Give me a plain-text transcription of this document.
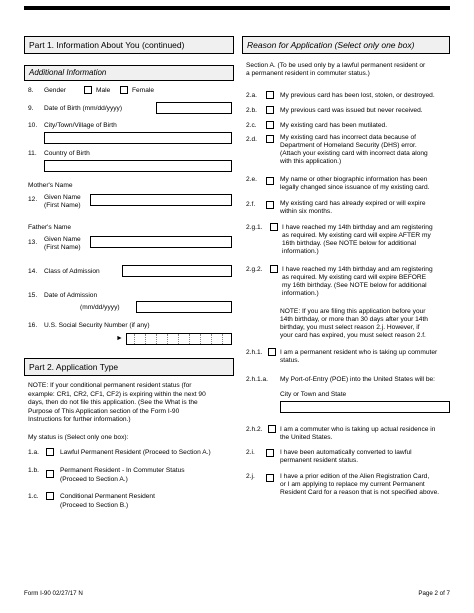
Part 1. Information About You (continued)
Additional Information
8. Gender	Male	Female
9. Date of Birth (mm/dd/yyyy)
10. City/Town/Village of Birth
11. Country of Birth
Mother's Name
12. Given Name
(First Name)
Father's Name
13. Given Name
(First Name)
14. Class of Admission
15. Date of Admission
(mm/dd/yyyy)
16. U.S. Social Security Number (if any)
►
Part 2. Application Type
NOTE: If your conditional permanent resident status (for
example: CR1, CR2, CF1, CF2) is expiring within the next 90
days, then do not file this application. (See the What is the
Purpose of This Application section of the Form I-90
Instructions for further information.)
My status is (Select only one box):
1.a.	Lawful Permanent Resident (Proceed to Section A.)
1.b.	Permanent Resident - In Commuter Status
(Proceed to Section A.)
1.c.	Conditional Permanent Resident
(Proceed to Section B.)
Reason for Application (Select only one box)
Section A. (To be used only by a lawful permanent resident or
a permanent resident in commuter status.)
2.a.	My previous card has been lost, stolen, or destroyed.
2.b.	My previous card was issued but never received.
2.c.	My existing card has been mutilated.
2.d.	My existing card has incorrect data because of
Department of Homeland Security (DHS) error.
(Attach your existing card with incorrect data along
with this application.)
2.e.	My name or other biographic information has been
legally changed since issuance of my existing card.
2.f.	My existing card has already expired or will expire
within six months.
2.g.1.	I have reached my 14th birthday and am registering
as required. My existing card will expire AFTER my
16th birthday. (See NOTE below for additional
information.)
2.g.2.	I have reached my 14th birthday and am registering
as required. My existing card will expire BEFORE
my 16th birthday. (See NOTE below for additional
information.)
NOTE: If you are filing this application before your
14th birthday, or more than 30 days after your 14th
birthday, you must select reason 2.j. However, if
your card has expired, you must select reason 2.f.
2.h.1.	I am a permanent resident who is taking up commuter
status.
2.h.1.a. My Port-of-Entry (POE) into the United States will be:
City or Town and State
2.h.2.	I am a commuter who is taking up actual residence in
the United States.
2.i.	I have been automatically converted to lawful
permanent resident status.
2.j.	I have a prior edition of the Alien Registration Card,
or I am applying to replace my current Permanent
Resident Card for a reason that is not specified above.
Form I-90 02/27/17 N	Page 2 of 7
